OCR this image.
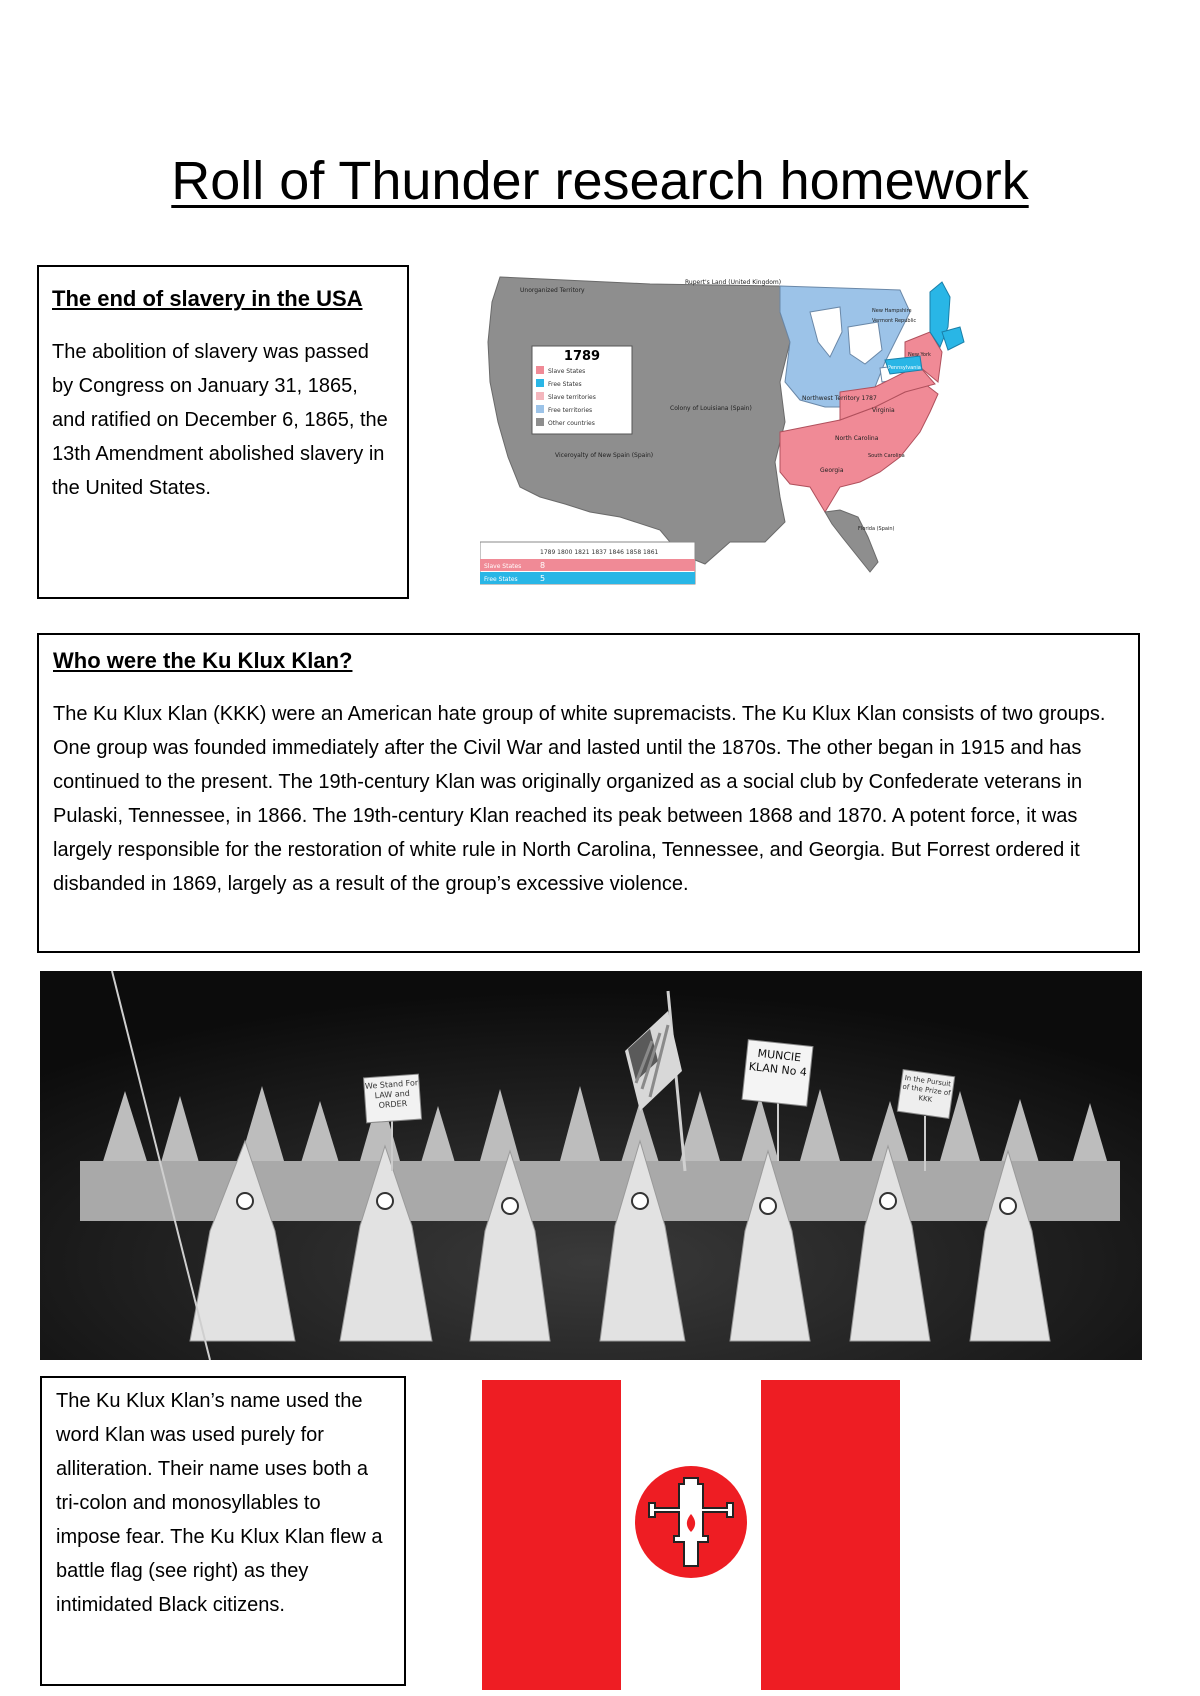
Roll of Thunder research homework
The end of slavery in the USA

The abolition of slavery was passed by Congress on January 31, 1865, and ratified on December 6, 1865, the 13th Amendment abolished slavery in the United States.

Unorganized Territory
Rupert's Land (United Kingdom)
Colony of Louisiana (Spain)
Viceroyalty of New Spain (Spain)
Northwest Territory 1787
New Hampshire
Vermont Republic
New York
Pennsylvania
Virginia
North Carolina
South Carolina
Georgia
Florida (Spain)
1789
Slave States
Free States
Slave territories
Free territories
Other countries
1789 1800 1821 1837 1846 1858 1861
Slave States 8
Free States	5
Who were the Ku Klux Klan?

The Ku Klux Klan (KKK) were an American hate group of white supremacists. The Ku Klux Klan consists of two groups. One group was founded immediately after the Civil War and lasted until the 1870s. The other began in 1915 and has continued to the present. The 19th-century Klan was originally organized as a social club by Confederate veterans in Pulaski, Tennessee, in 1866. The 19th-century Klan reached its peak between 1868 and 1870. A potent force, it was largely responsible for the restoration of white rule in North Carolina, Tennessee, and Georgia. But Forrest ordered it disbanded in 1869, largely as a result of the group’s excessive violence.

We Stand For LAW and ORDER
MUNCIE KLAN No 4
In the Pursuit of the Prize of KKK

The Ku Klux Klan’s name used the word Klan was used purely for alliteration. Their name uses both a tri-colon and monosyllables to impose fear. The Ku Klux Klan flew a battle flag (see right) as they intimidated Black citizens.
